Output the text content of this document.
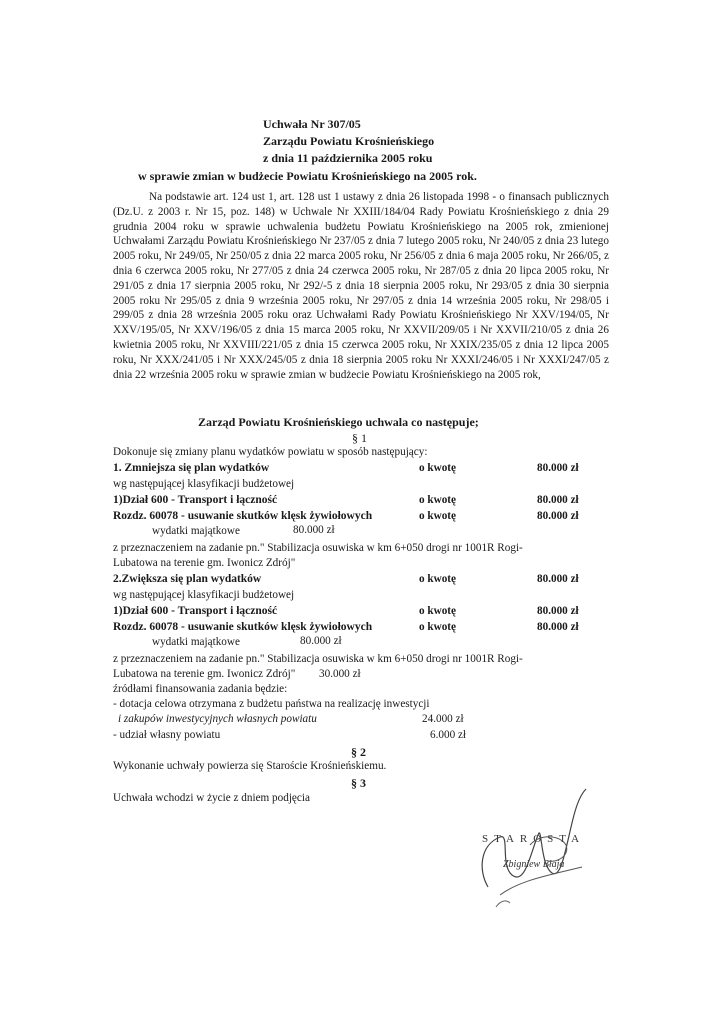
Uchwała Nr 307/05
Zarządu Powiatu Krośnieńskiego
z dnia 11 października 2005 roku
w sprawie zmian w budżecie Powiatu Krośnieńskiego na 2005 rok.

Na podstawie art. 124 ust 1, art. 128 ust 1 ustawy z dnia 26 listopada 1998 - o finansach publicznych (Dz.U. z 2003 r. Nr 15, poz. 148) w Uchwale Nr XXIII/184/04 Rady Powiatu Krośnieńskiego z dnia 29 grudnia 2004 roku w sprawie uchwalenia budżetu Powiatu Krośnieńskiego na 2005 rok, zmienionej Uchwałami Zarządu Powiatu Krośnieńskiego Nr 237/05 z dnia 7 lutego 2005 roku, Nr 240/05 z dnia 23 lutego 2005 roku, Nr 249/05, Nr 250/05 z dnia 22 marca 2005 roku, Nr 256/05 z dnia 6 maja 2005 roku, Nr 266/05, z dnia 6 czerwca 2005 roku, Nr 277/05 z dnia 24 czerwca 2005 roku, Nr 287/05 z dnia 20 lipca 2005 roku, Nr 291/05 z dnia 17 sierpnia 2005 roku, Nr 292/-5 z dnia 18 sierpnia 2005 roku, Nr 293/05 z dnia 30 sierpnia 2005 roku Nr 295/05 z dnia 9 września 2005 roku, Nr 297/05 z dnia 14 września 2005 roku, Nr 298/05 i 299/05 z dnia 28 września 2005 roku oraz Uchwałami Rady Powiatu Krośnieńskiego Nr XXV/194/05, Nr XXV/195/05, Nr XXV/196/05 z dnia 15 marca 2005 roku, Nr XXVII/209/05 i Nr XXVII/210/05 z dnia 26 kwietnia 2005 roku, Nr XXVIII/221/05 z dnia 15 czerwca 2005 roku, Nr XXIX/235/05 z dnia 12 lipca 2005 roku, Nr XXX/241/05 i Nr XXX/245/05 z dnia 18 sierpnia 2005 roku Nr XXXI/246/05 i Nr XXXI/247/05 z dnia 22 września 2005 roku w sprawie zmian w budżecie Powiatu Krośnieńskiego na 2005 rok,

Zarząd Powiatu Krośnieńskiego uchwala co następuje;
§ 1
Dokonuje się zmiany planu wydatków powiatu w sposób następujący:
1. Zmniejsza się plan wydatków	o kwotę	80.000 zł
wg następującej klasyfikacji budżetowej
1)Dział 600 - Transport i łączność	o kwotę	80.000 zł
Rozdz. 60078 - usuwanie skutków klęsk żywiołowych	o kwotę	80.000 zł
wydatki majątkowe	80.000 zł
z przeznaczeniem na zadanie pn." Stabilizacja osuwiska w km 6+050 drogi nr 1001R Rogi-
Lubatowa na terenie gm. Iwonicz Zdrój"
2.Zwiększa się plan wydatków	o kwotę	80.000 zł
wg następującej klasyfikacji budżetowej
1)Dział 600 - Transport i łączność	o kwotę	80.000 zł
Rozdz. 60078 - usuwanie skutków klęsk żywiołowych	o kwotę	80.000 zł
wydatki majątkowe	80.000 zł
z przeznaczeniem na zadanie pn." Stabilizacja osuwiska w km 6+050 drogi nr 1001R Rogi-
Lubatowa na terenie gm. Iwonicz Zdrój" 30.000 zł
źródłami finansowania zadania będzie:
- dotacja celowa otrzymana z budżetu państwa na realizację inwestycji
i zakupów inwestycyjnych własnych powiatu	24.000 zł
- udział własny powiatu	6.000 zł
§ 2
Wykonanie uchwały powierza się Staroście Krośnieńskiemu.
§ 3
Uchwała wchodzi w życie z dniem podjęcia
STAROSTA
Zbigniew Błaja
